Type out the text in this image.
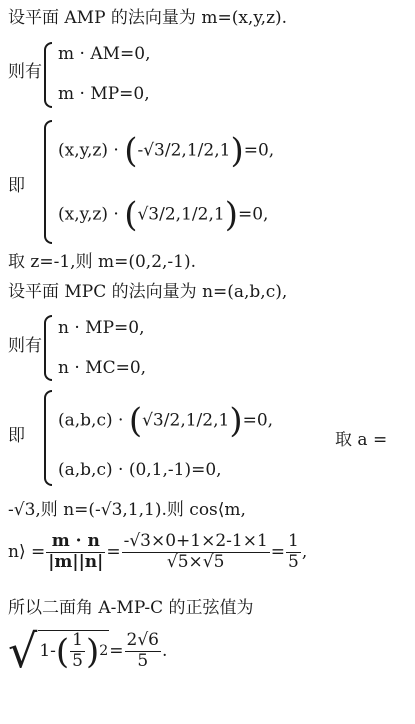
设平面 AMP 的法向量为 m=(x,y,z).
则有
m · AM=0,
m · MP=0,
即
(x,y,z) · (-√3/2,1/2,1)=0,
(x,y,z) · (√3/2,1/2,1)=0,
取 z=-1,则 m=(0,2,-1).
设平面 MPC 的法向量为 n=(a,b,c),
则有
n · MP=0,
n · MC=0,
即
(a,b,c) · (√3/2,1/2,1)=0,
取 a =
(a,b,c) · (0,1,-1)=0,
-√3,则 n=(-√3,1,1).则 cos⟨m,
n⟩ = $\frac{m \cdot n}{|m||n|} = \frac{-√3\times 0+1\times 2-1\times 1}{√5\times√5} = \frac{1}{5}$ ,
所以二面角 A-MP-C 的正弦值为
√ 1- ( $\frac{1}{5}$ ) $2 = \frac{2√6}{5}$ .
